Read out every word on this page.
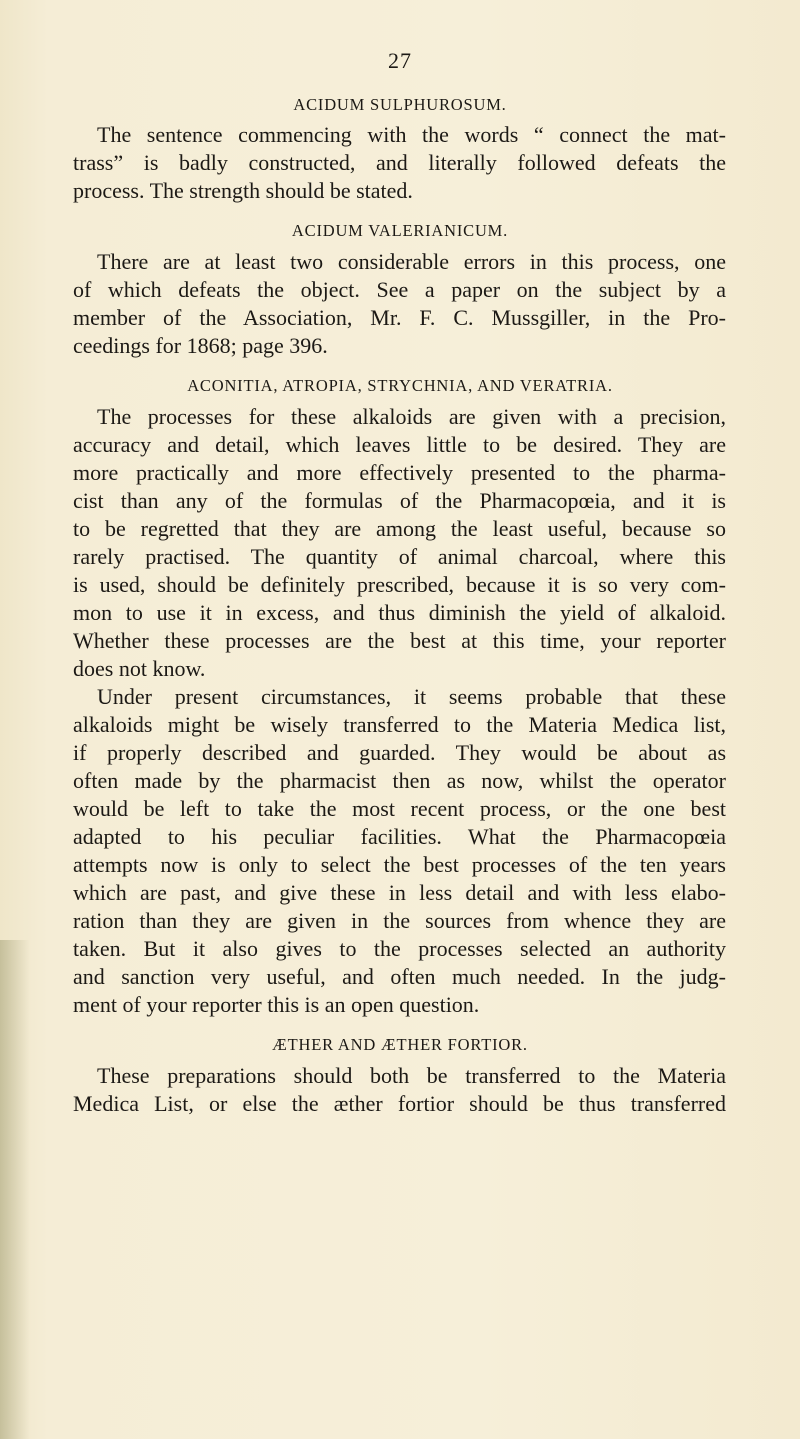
27
ACIDUM SULPHUROSUM.
The sentence commencing with the words “ connect the mat-
trass” is badly constructed, and literally followed defeats the
process. The strength should be stated.
ACIDUM VALERIANICUM.
There are at least two considerable errors in this process, one
of which defeats the object. See a paper on the subject by a
member of the Association, Mr. F. C. Mussgiller, in the Pro-
ceedings for 1868; page 396.
ACONITIA, ATROPIA, STRYCHNIA, AND VERATRIA.
The processes for these alkaloids are given with a precision,
accuracy and detail, which leaves little to be desired. They are
more practically and more effectively presented to the pharma-
cist than any of the formulas of the Pharmacopœia, and it is
to be regretted that they are among the least useful, because so
rarely practised. The quantity of animal charcoal, where this
is used, should be definitely prescribed, because it is so very com-
mon to use it in excess, and thus diminish the yield of alkaloid.
Whether these processes are the best at this time, your reporter
does not know.
Under present circumstances, it seems probable that these
alkaloids might be wisely transferred to the Materia Medica list,
if properly described and guarded. They would be about as
often made by the pharmacist then as now, whilst the operator
would be left to take the most recent process, or the one best
adapted to his peculiar facilities. What the Pharmacopœia
attempts now is only to select the best processes of the ten years
which are past, and give these in less detail and with less elabo-
ration than they are given in the sources from whence they are
taken. But it also gives to the processes selected an authority
and sanction very useful, and often much needed. In the judg-
ment of your reporter this is an open question.
ÆTHER AND ÆTHER FORTIOR.
These preparations should both be transferred to the Materia
Medica List, or else the æther fortior should be thus transferred
